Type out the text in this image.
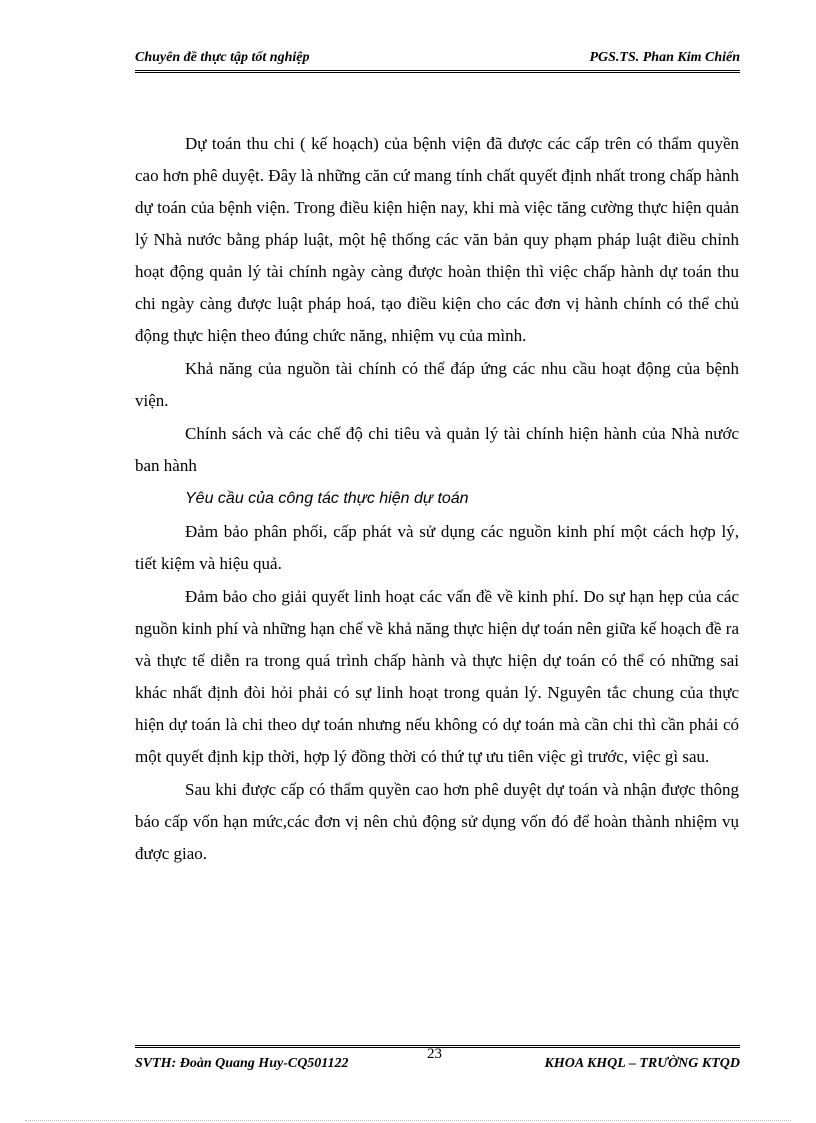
Chuyên đề thực tập tốt nghiệp	PGS.TS. Phan Kim Chiến

Dự toán thu chi ( kế hoạch) của bệnh viện đã được các cấp trên có thẩm quyền cao hơn phê duyệt. Đây là những căn cứ mang tính chất quyết định nhất trong chấp hành dự toán của bệnh viện. Trong điều kiện hiện nay, khi mà việc tăng cường thực hiện quản lý Nhà nước bằng pháp luật, một hệ thống các văn bản quy phạm pháp luật điều chỉnh hoạt động quản lý tài chính ngày càng được hoàn thiện thì việc chấp hành dự toán thu chi ngày càng được luật pháp hoá, tạo điều kiện cho các đơn vị hành chính có thể chủ động thực hiện theo đúng chức năng, nhiệm vụ của mình.

Khả năng của nguồn tài chính có thể đáp ứng các nhu cầu hoạt động của bệnh viện.

Chính sách và các chế độ chi tiêu và quản lý tài chính hiện hành của Nhà nước ban hành

Yêu cầu của công tác thực hiện dự toán

Đảm bảo phân phối, cấp phát và sử dụng các nguồn kinh phí một cách hợp lý, tiết kiệm và hiệu quả.

Đảm bảo cho giải quyết linh hoạt các vấn đề về kinh phí. Do sự hạn hẹp của các nguồn kinh phí và những hạn chế về khả năng thực hiện dự toán nên giữa kế hoạch đề ra và thực tế diễn ra trong quá trình chấp hành và thực hiện dự toán có thể có những sai khác nhất định đòi hỏi phải có sự linh hoạt trong quản lý. Nguyên tắc chung của thực hiện dự toán là chi theo dự toán nhưng nếu không có dự toán mà cần chi thì cần phải có một quyết định kịp thời, hợp lý đồng thời có thứ tự ưu tiên việc gì trước, việc gì sau.

Sau khi được cấp có thẩm quyền cao hơn phê duyệt dự toán và nhận được thông báo cấp vốn hạn mức,các đơn vị nên chủ động sử dụng vốn đó để hoàn thành nhiệm vụ được giao.

SVTH: Đoàn Quang Huy-CQ501122
23
KHOA KHQL – TRƯỜNG KTQD
